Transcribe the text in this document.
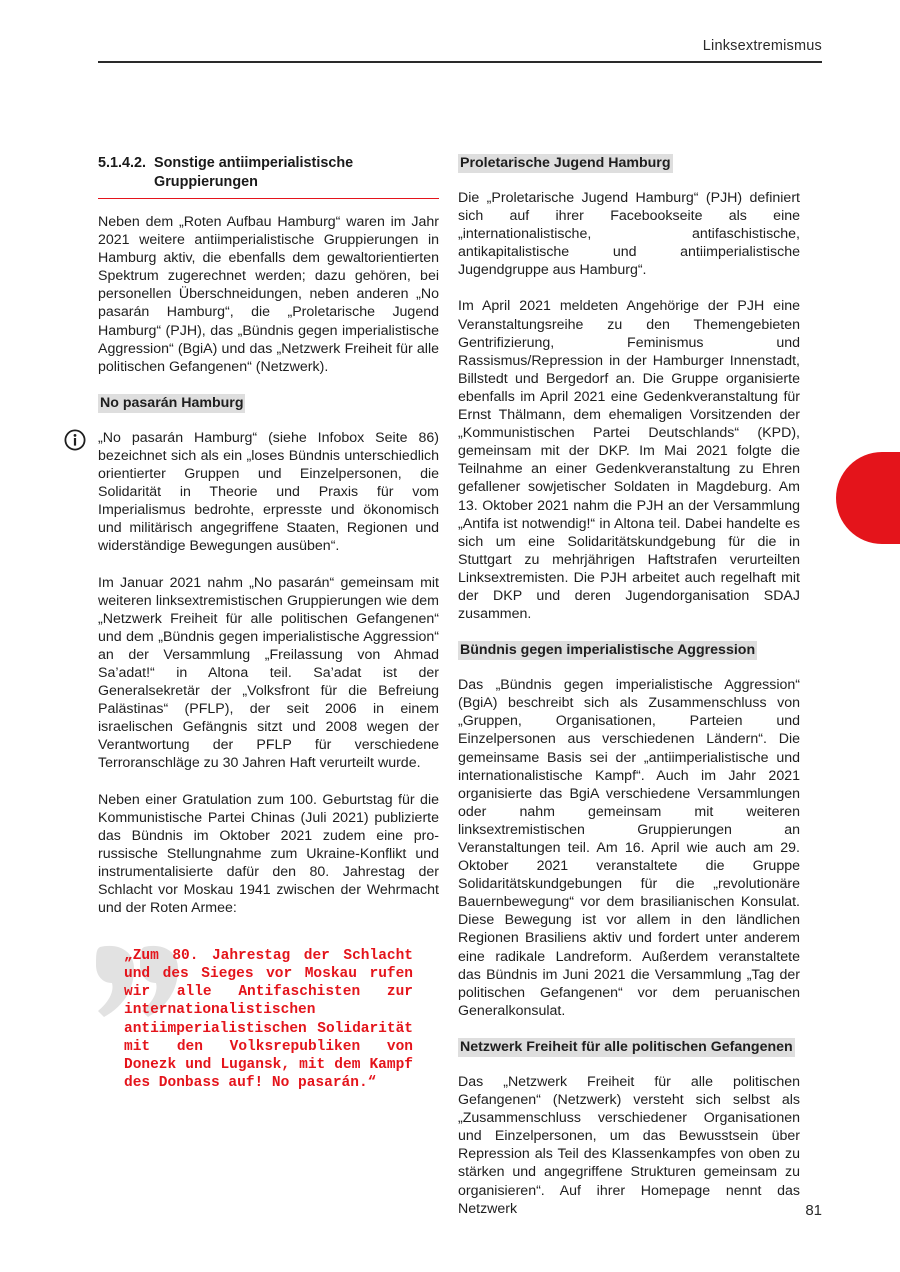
Linksextremismus
5.1.4.2. Sonstige antiimperialistische
Gruppierungen

Neben dem „Roten Aufbau Hamburg“ waren im Jahr 2021 weitere antiimperialistische Gruppierungen in Hamburg aktiv, die ebenfalls dem gewaltorientierten Spektrum zugerechnet werden; dazu gehören, bei personellen Überschneidungen, neben anderen „No pasarán Hamburg“, die „Proletarische Jugend Hamburg“ (PJH), das „Bündnis gegen imperialistische Aggression“ (BgiA) und das „Netzwerk Freiheit für alle politischen Gefangenen“ (Netzwerk).

No pasarán Hamburg

„No pasarán Hamburg“ (siehe Infobox Seite 86) bezeichnet sich als ein „loses Bündnis unterschiedlich orientierter Gruppen und Einzelpersonen, die Solidarität in Theorie und Praxis für vom Imperialismus bedrohte, erpresste und ökonomisch und militärisch angegriffene Staaten, Regionen und widerständige Bewegungen ausüben“.

Im Januar 2021 nahm „No pasarán“ gemeinsam mit weiteren linksextremistischen Gruppierungen wie dem „Netzwerk Freiheit für alle politischen Gefangenen“ und dem „Bündnis gegen imperialistische Aggression“ an der Versammlung „Freilassung von Ahmad Sa’adat!“ in Altona teil. Sa’adat ist der Generalsekretär der „Volksfront für die Befreiung Palästinas“ (PFLP), der seit 2006 in einem israelischen Gefängnis sitzt und 2008 wegen der Verantwortung der PFLP für verschiedene Terroranschläge zu 30 Jahren Haft verurteilt wurde.

Neben einer Gratulation zum 100. Geburtstag für die Kommunistische Partei Chinas (Juli 2021) publizierte das Bündnis im Oktober 2021 zudem eine pro-russische Stellungnahme zum Ukraine-Konflikt und instrumentalisierte dafür den 80. Jahrestag der Schlacht vor Moskau 1941 zwischen der Wehrmacht und der Roten Armee:

„Zum 80. Jahrestag der Schlacht und des Sieges vor Moskau rufen wir alle Antifaschisten zur internationalistischen antiimperialistischen Solidarität mit den Volksrepubliken von Donezk und Lugansk, mit dem Kampf des Donbass auf! No pasarán.“
Proletarische Jugend Hamburg

Die „Proletarische Jugend Hamburg“ (PJH) definiert sich auf ihrer Facebookseite als eine „internationalistische, antifaschistische, antikapitalistische und antiimperialistische Jugendgruppe aus Hamburg“.

Im April 2021 meldeten Angehörige der PJH eine Veranstaltungsreihe zu den Themengebieten Gentrifizierung, Feminismus und Rassismus/Repression in der Hamburger Innenstadt, Billstedt und Bergedorf an. Die Gruppe organisierte ebenfalls im April 2021 eine Gedenkveranstaltung für Ernst Thälmann, dem ehemaligen Vorsitzenden der „Kommunistischen Partei Deutschlands“ (KPD), gemeinsam mit der DKP. Im Mai 2021 folgte die Teilnahme an einer Gedenkveranstaltung zu Ehren gefallener sowjetischer Soldaten in Magdeburg. Am 13. Oktober 2021 nahm die PJH an der Versammlung „Antifa ist notwendig!“ in Altona teil. Dabei handelte es sich um eine Solidaritätskundgebung für die in Stuttgart zu mehrjährigen Haftstrafen verurteilten Linksextremisten. Die PJH arbeitet auch regelhaft mit der DKP und deren Jugendorganisation SDAJ zusammen.

Bündnis gegen imperialistische Aggression

Das „Bündnis gegen imperialistische Aggression“ (BgiA) beschreibt sich als Zusammenschluss von „Gruppen, Organisationen, Parteien und Einzelpersonen aus verschiedenen Ländern“. Die gemeinsame Basis sei der „antiimperialistische und internationalistische Kampf“. Auch im Jahr 2021 organisierte das BgiA verschiedene Versammlungen oder nahm gemeinsam mit weiteren linksextremistischen Gruppierungen an Veranstaltungen teil. Am 16. April wie auch am 29. Oktober 2021 veranstaltete die Gruppe Solidaritätskundgebungen für die „revolutionäre Bauernbewegung“ vor dem brasilianischen Konsulat. Diese Bewegung ist vor allem in den ländlichen Regionen Brasiliens aktiv und fordert unter anderem eine radikale Landreform. Außerdem veranstaltete das Bündnis im Juni 2021 die Versammlung „Tag der politischen Gefangenen“ vor dem peruanischen Generalkonsulat.

Netzwerk Freiheit für alle politischen Gefangenen

Das „Netzwerk Freiheit für alle politischen Gefangenen“ (Netzwerk) versteht sich selbst als „Zusammenschluss verschiedener Organisationen und Einzelpersonen, um das Bewusstsein über Repression als Teil des Klassenkampfes von oben zu stärken und angegriffene Strukturen gemeinsam zu organisieren“. Auf ihrer Homepage nennt das Netzwerk	81
